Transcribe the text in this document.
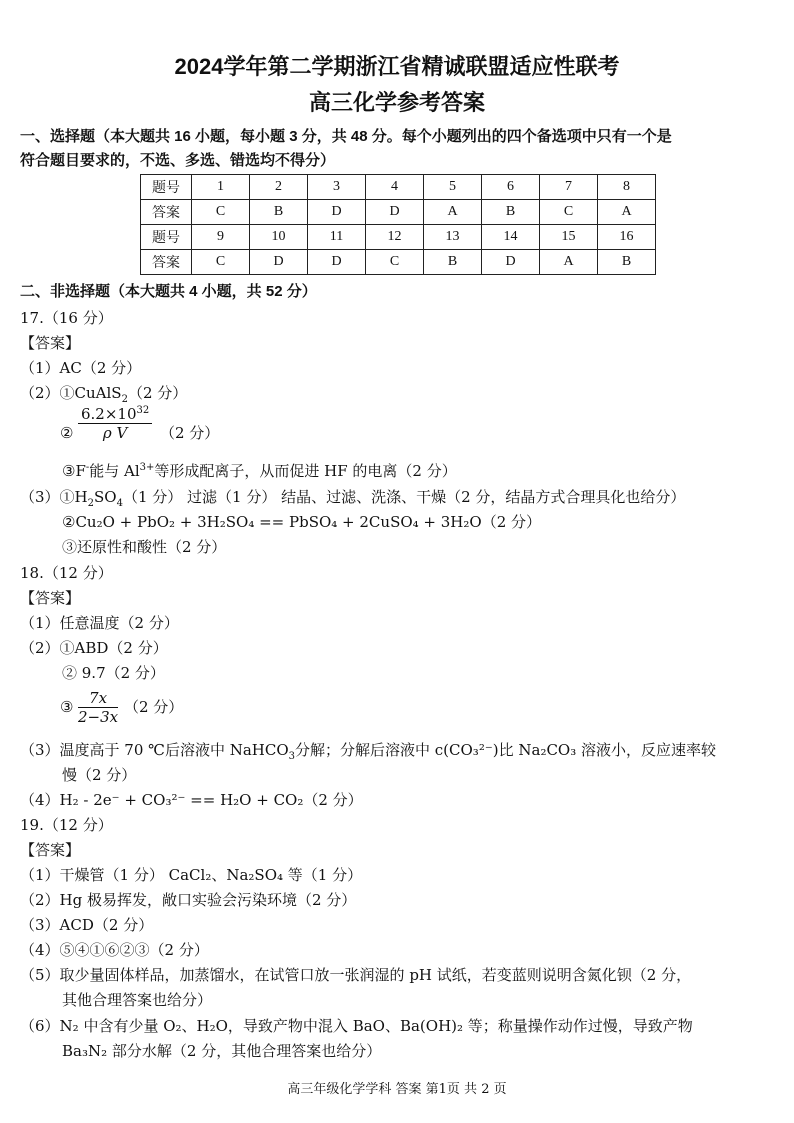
2024学年第二学期浙江省精诚联盟适应性联考
高三化学参考答案
一、选择题（本大题共 16 小题，每小题 3 分，共 48 分。每个小题列出的四个备选项中只有一个是
符合题目要求的，不选、多选、错选均不得分）
题号	1	2	3	4	5	6	7	8
答案	C	B	D	D	A	B	C	A
题号	9	10	11	12	13	14	15	16
答案	C	D	D	C	B	D	A	B
二、非选择题（本大题共 4 小题，共 52 分）
17.（16 分）
【答案】
（1）AC（2 分）
（2）①CuAlS$_2$（2 分）
② $\frac{6.2\times 10^{32}}{\text{ρ V}} (2$ 分）
③F-能与 $Al^{3+}$等形成配离子，从而促进 HF 的电离（2 分）
$(3)①H_2SO_4(1$ 分） 过滤（1 分） 结晶、过滤、洗涤、干燥（2 分，结晶方式合理具化也给分）
②Cu₂O + PbO₂ + 3H₂SO₄ == PbSO₄ + 2CuSO₄ + 3H₂O（2 分）
③还原性和酸性（2 分）
18.（12 分）
【答案】
（1）任意温度（2 分）
（2）①ABD（2 分）
② 9.7（2 分）
③ $\frac{7x}{2-3x} (2$ 分）
（3）温度高于 70 ℃后溶液中 NaHCO$_3$分解；分解后溶液中 c(CO₃²⁻)比 Na₂CO₃ 溶液小，反应速率较
慢（2 分）
（4）H₂ - 2e⁻ + CO₃²⁻ == H₂O + CO₂（2 分）
19.（12 分）
【答案】
（1）干燥管（1 分） CaCl₂、Na₂SO₄ 等（1 分）
（2）Hg 极易挥发，敞口实验会污染环境（2 分）
（3）ACD（2 分）
（4）⑤④①⑥②③（2 分）
（5）取少量固体样品，加蒸馏水，在试管口放一张润湿的 pH 试纸，若变蓝则说明含氮化钡（2 分，
其他合理答案也给分）
（6）N₂ 中含有少量 O₂、H₂O，导致产物中混入 BaO、Ba(OH)₂ 等；称量操作动作过慢，导致产物
Ba₃N₂ 部分水解（2 分，其他合理答案也给分）
高三年级化学学科 答案 第1页 共 2 页
